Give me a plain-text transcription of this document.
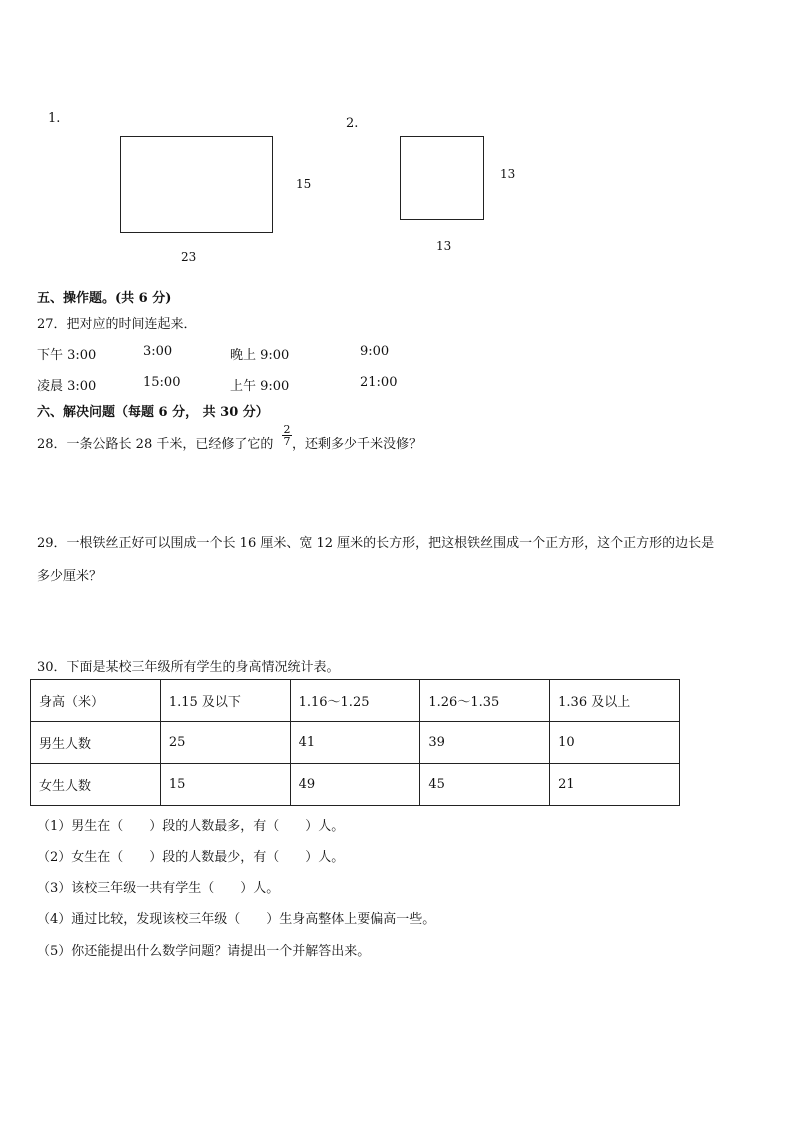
1.
15
23
2.
13
13
五、操作题。(共 6 分)
27．把对应的时间连起来．
下午 3:00	3:00	晚上 9:00	9:00
凌晨 3:00	15:00	上午 9:00	21:00
六、解决问题（每题 6 分， 共 30 分）
28．一条公路长 28 千米，已经修了它的 $\frac{2}{7}$ ，还剩多少千米没修？
29．一根铁丝正好可以围成一个长 16 厘米、宽 12 厘米的长方形，把这根铁丝围成一个正方形，这个正方形的边长是
多少厘米？
30．下面是某校三年级所有学生的身高情况统计表。
身高（米）	1.15 及以下	1.16～1.25	1.26～1.35	1.36 及以上
男生人数	25	41	39	10
女生人数	15	49	45	21
（1）男生在（　　）段的人数最多，有（　　）人。
（2）女生在（　　）段的人数最少，有（　　）人。
（3）该校三年级一共有学生（　　）人。
（4）通过比较，发现该校三年级（　　）生身高整体上要偏高一些。
（5）你还能提出什么数学问题？请提出一个并解答出来。
